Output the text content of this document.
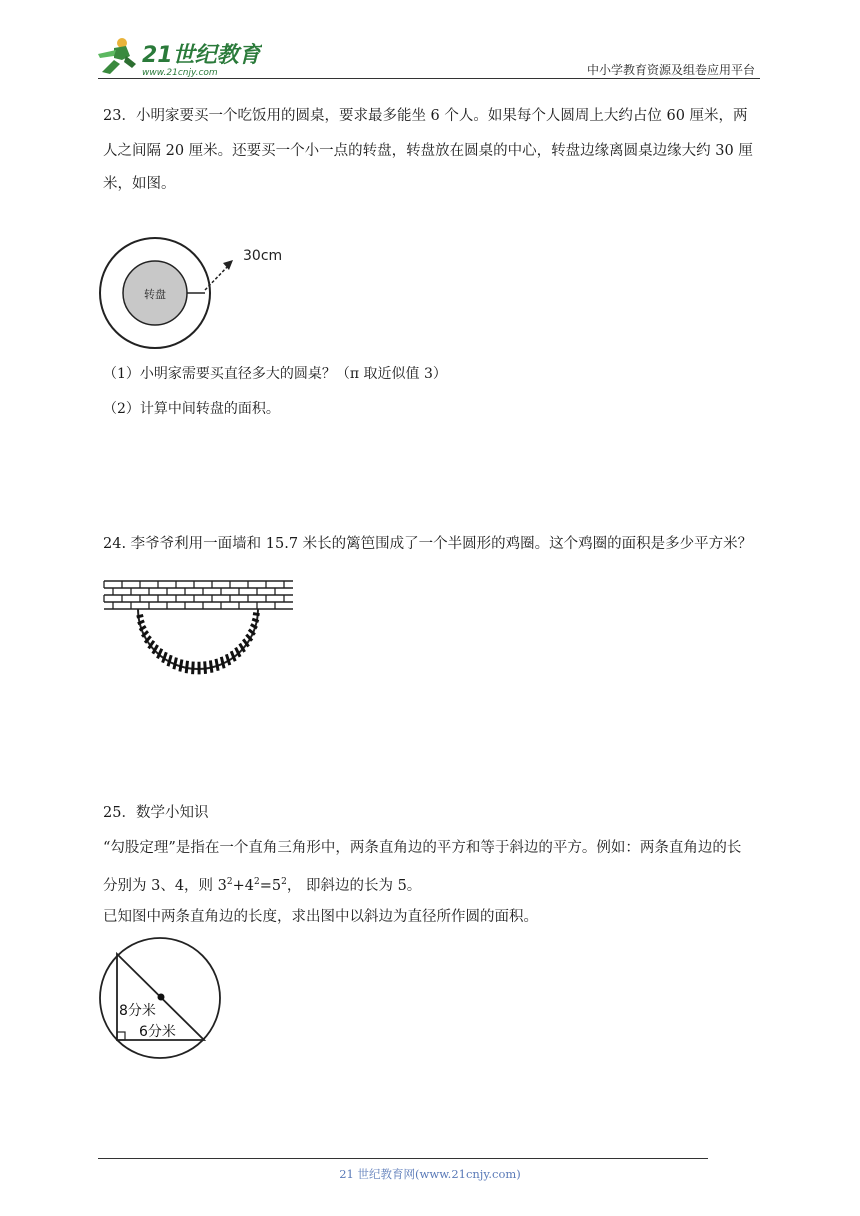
21世纪教育
www.21cnjy.com	中小学教育资源及组卷应用平台
23．小明家要买一个吃饭用的圆桌，要求最多能坐 6 个人。如果每个人圆周上大约占位 60 厘米，两
人之间隔 20 厘米。还要买一个小一点的转盘，转盘放在圆桌的中心，转盘边缘离圆桌边缘大约 30 厘
米，如图。
转盘
30cm
（1）小明家需要买直径多大的圆桌？（π 取近似值 3）
（2）计算中间转盘的面积。
24. 李爷爷利用一面墙和 15.7 米长的篱笆围成了一个半圆形的鸡圈。这个鸡圈的面积是多少平方米？
25．数学小知识
“勾股定理”是指在一个直角三角形中，两条直角边的平方和等于斜边的平方。例如：两条直角边的长
分别为 3、4，则 $3^2+4^2=5^2$， 即斜边的长为 5。
已知图中两条直角边的长度，求出图中以斜边为直径所作圆的面积。
8分米
6分米
21 世纪教育网(www.21cnjy.com)
